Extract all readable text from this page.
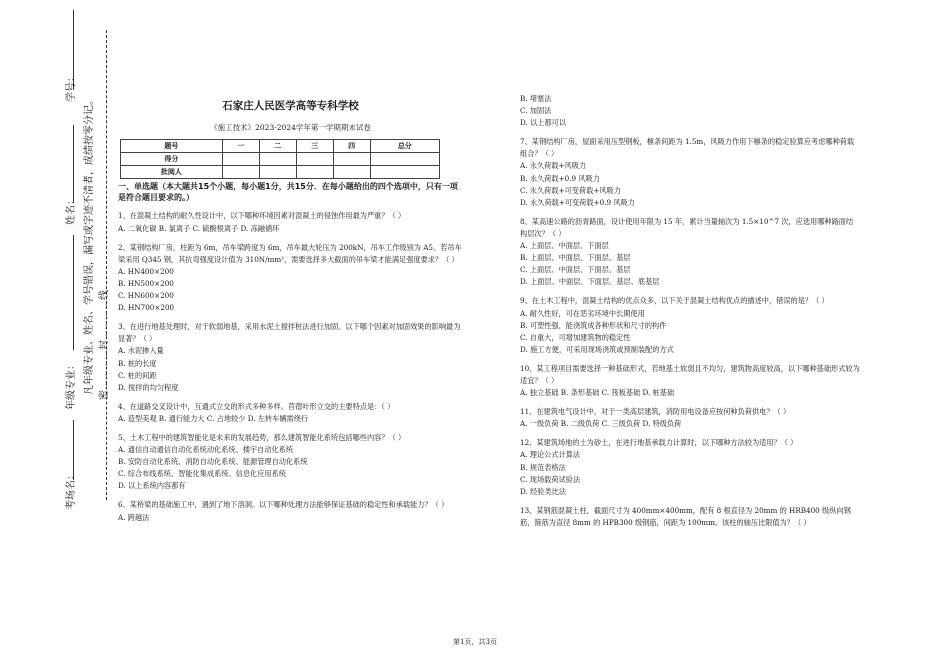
学号：
姓名：
年级专业：
考场名：
凡年级专业、姓名、学号错误，漏写或字迹不清者，成绩按零分记。 密…………封…………线
石家庄人民医学高等专科学校
《施工技术》2023-2024学年第一学期期末试卷
题号	一	二	三	四	总分
得分					
批阅人					
一、单选题（本大题共15个小题，每小题1分，共15分．在每小题给出的四个选项中，只有一项是符合题目要求的。）
1、在混凝土结构的耐久性设计中，以下哪种环境因素对混凝土的侵蚀作用最为严重？（ ）
A. 二氧化碳 B. 氯离子 C. 硫酸根离子 D. 冻融循环
2、某钢结构厂房，柱距为 6m，吊车梁跨度为 6m，吊车最大轮压为 200kN，吊车工作级别为 A5。若吊车梁采用 Q345 钢，其抗弯强度设计值为 310N/mm²，需要选择多大截面的吊车梁才能满足强度要求？（ ）
A. HN400×200
B. HN500×200
C. HN600×200
D. HN700×200
3、在进行地基处理时，对于软弱地基，采用水泥土搅拌桩法进行加固。以下哪个因素对加固效果的影响最为显著？（ ）
A. 水泥掺入量
B. 桩的长度
C. 桩的间距
D. 搅拌的均匀程度
4、在道路交叉设计中，互通式立交的形式多种多样。苜蓿叶形立交的主要特点是：（ ）
A. 造型美观 B. 通行能力大 C. 占地较少 D. 左转车辆需绕行
5、土木工程中的建筑智能化是未来的发展趋势，那么建筑智能化系统包括哪些内容？（ ）
A. 通信自动通信自动化系统动化系统、楼宇自动化系统
B. 安防自动化系统、消防自动化系统、能源管理自动化系统
C. 综合布线系统、智能化集成系统、信息化应用系统
D. 以上系统内容都有
6、某桥梁的基础施工中，遇到了地下溶洞。以下哪种处理方法能够保证基础的稳定性和承载能力？（ ）
A. 跨越法
B. 堵塞法
C. 加固法
D. 以上都可以
7、某钢结构厂房，屋面采用压型钢板，檩条间距为 1.5m，风吸力作用下檩条的稳定验算应考虑哪种荷载组合？（ ）
A. 永久荷载+风吸力
B. 永久荷载+0.9 风吸力
C. 永久荷载+可变荷载+风吸力
D. 永久荷载+可变荷载+0.9 风吸力
8、某高速公路的沥青路面，设计使用年限为 15 年，累计当量轴次为 1.5×10^7 次，应选用哪种路面结构层次？（ ）
A. 上面层、中面层、下面层
B. 上面层、中面层、下面层、基层
C. 上面层、中面层、下面层、基层
D. 上面层、中面层、下面层、基层、底基层
9、在土木工程中，混凝土结构的优点众多，以下关于混凝土结构优点的描述中，错误的是？（ ）
A. 耐久性好，可在恶劣环境中长期使用
B. 可塑性强，能浇筑成各种形状和尺寸的构件
C. 自重大，可增加建筑物的稳定性
D. 施工方便，可采用现场浇筑或预制装配的方式
10、某工程项目需要选择一种基础形式，若地基土软弱且不均匀，建筑物高度较高，以下哪种基础形式较为适宜？（ ）
A. 独立基础 B. 条形基础 C. 筏板基础 D. 桩基础
11、在建筑电气设计中，对于一类高层建筑，消防用电设备应按何种负荷供电？（ ）
A. 一级负荷 B. 二级负荷 C. 三级负荷 D. 特级负荷
12、某建筑场地的土为砂土，在进行地基承载力计算时，以下哪种方法较为适用？（ ）
A. 理论公式计算法
B. 规范表格法
C. 现场载荷试验法
D. 经验类比法
13、某钢筋混凝土柱，截面尺寸为 400mm×400mm，配有 8 根直径为 20mm 的 HRB400 级纵向钢筋，箍筋为直径 8mm 的 HPB300 级钢筋，间距为 100mm。该柱的轴压比限值为？（ ）
第1页，共3页
